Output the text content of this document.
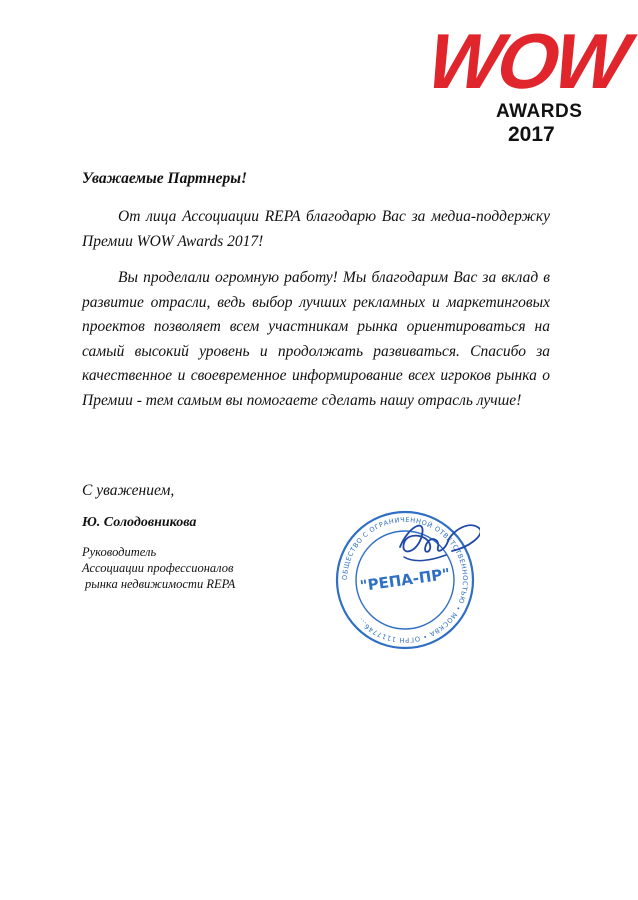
WOW
AWARDS
2017
Уважаемые Партнеры!
От лица Ассоциации REPA благодарю Вас за медиа-поддержку Премии WOW Awards 2017!
Вы проделали огромную работу! Мы благодарим Вас за вклад в развитие отрасли, ведь выбор лучших рекламных и маркетинговых проектов позволяет всем участникам рынка ориентироваться на самый высокий уровень и продолжать развиваться. Спасибо за качественное и своевременное информирование всех игроков рынка о Премии - тем самым вы помогаете сделать нашу отрасль лучше!
С уважением,
Ю. Солодовникова
Руководитель
Ассоциации профессионалов
рынка недвижимости REPA	ОБЩЕСТВО С ОГРАНИЧЕННОЙ ОТВЕТСТВЕННОСТЬЮ • МОСКВА • ОГРН 1117746...
"РЕПА-ПР"
